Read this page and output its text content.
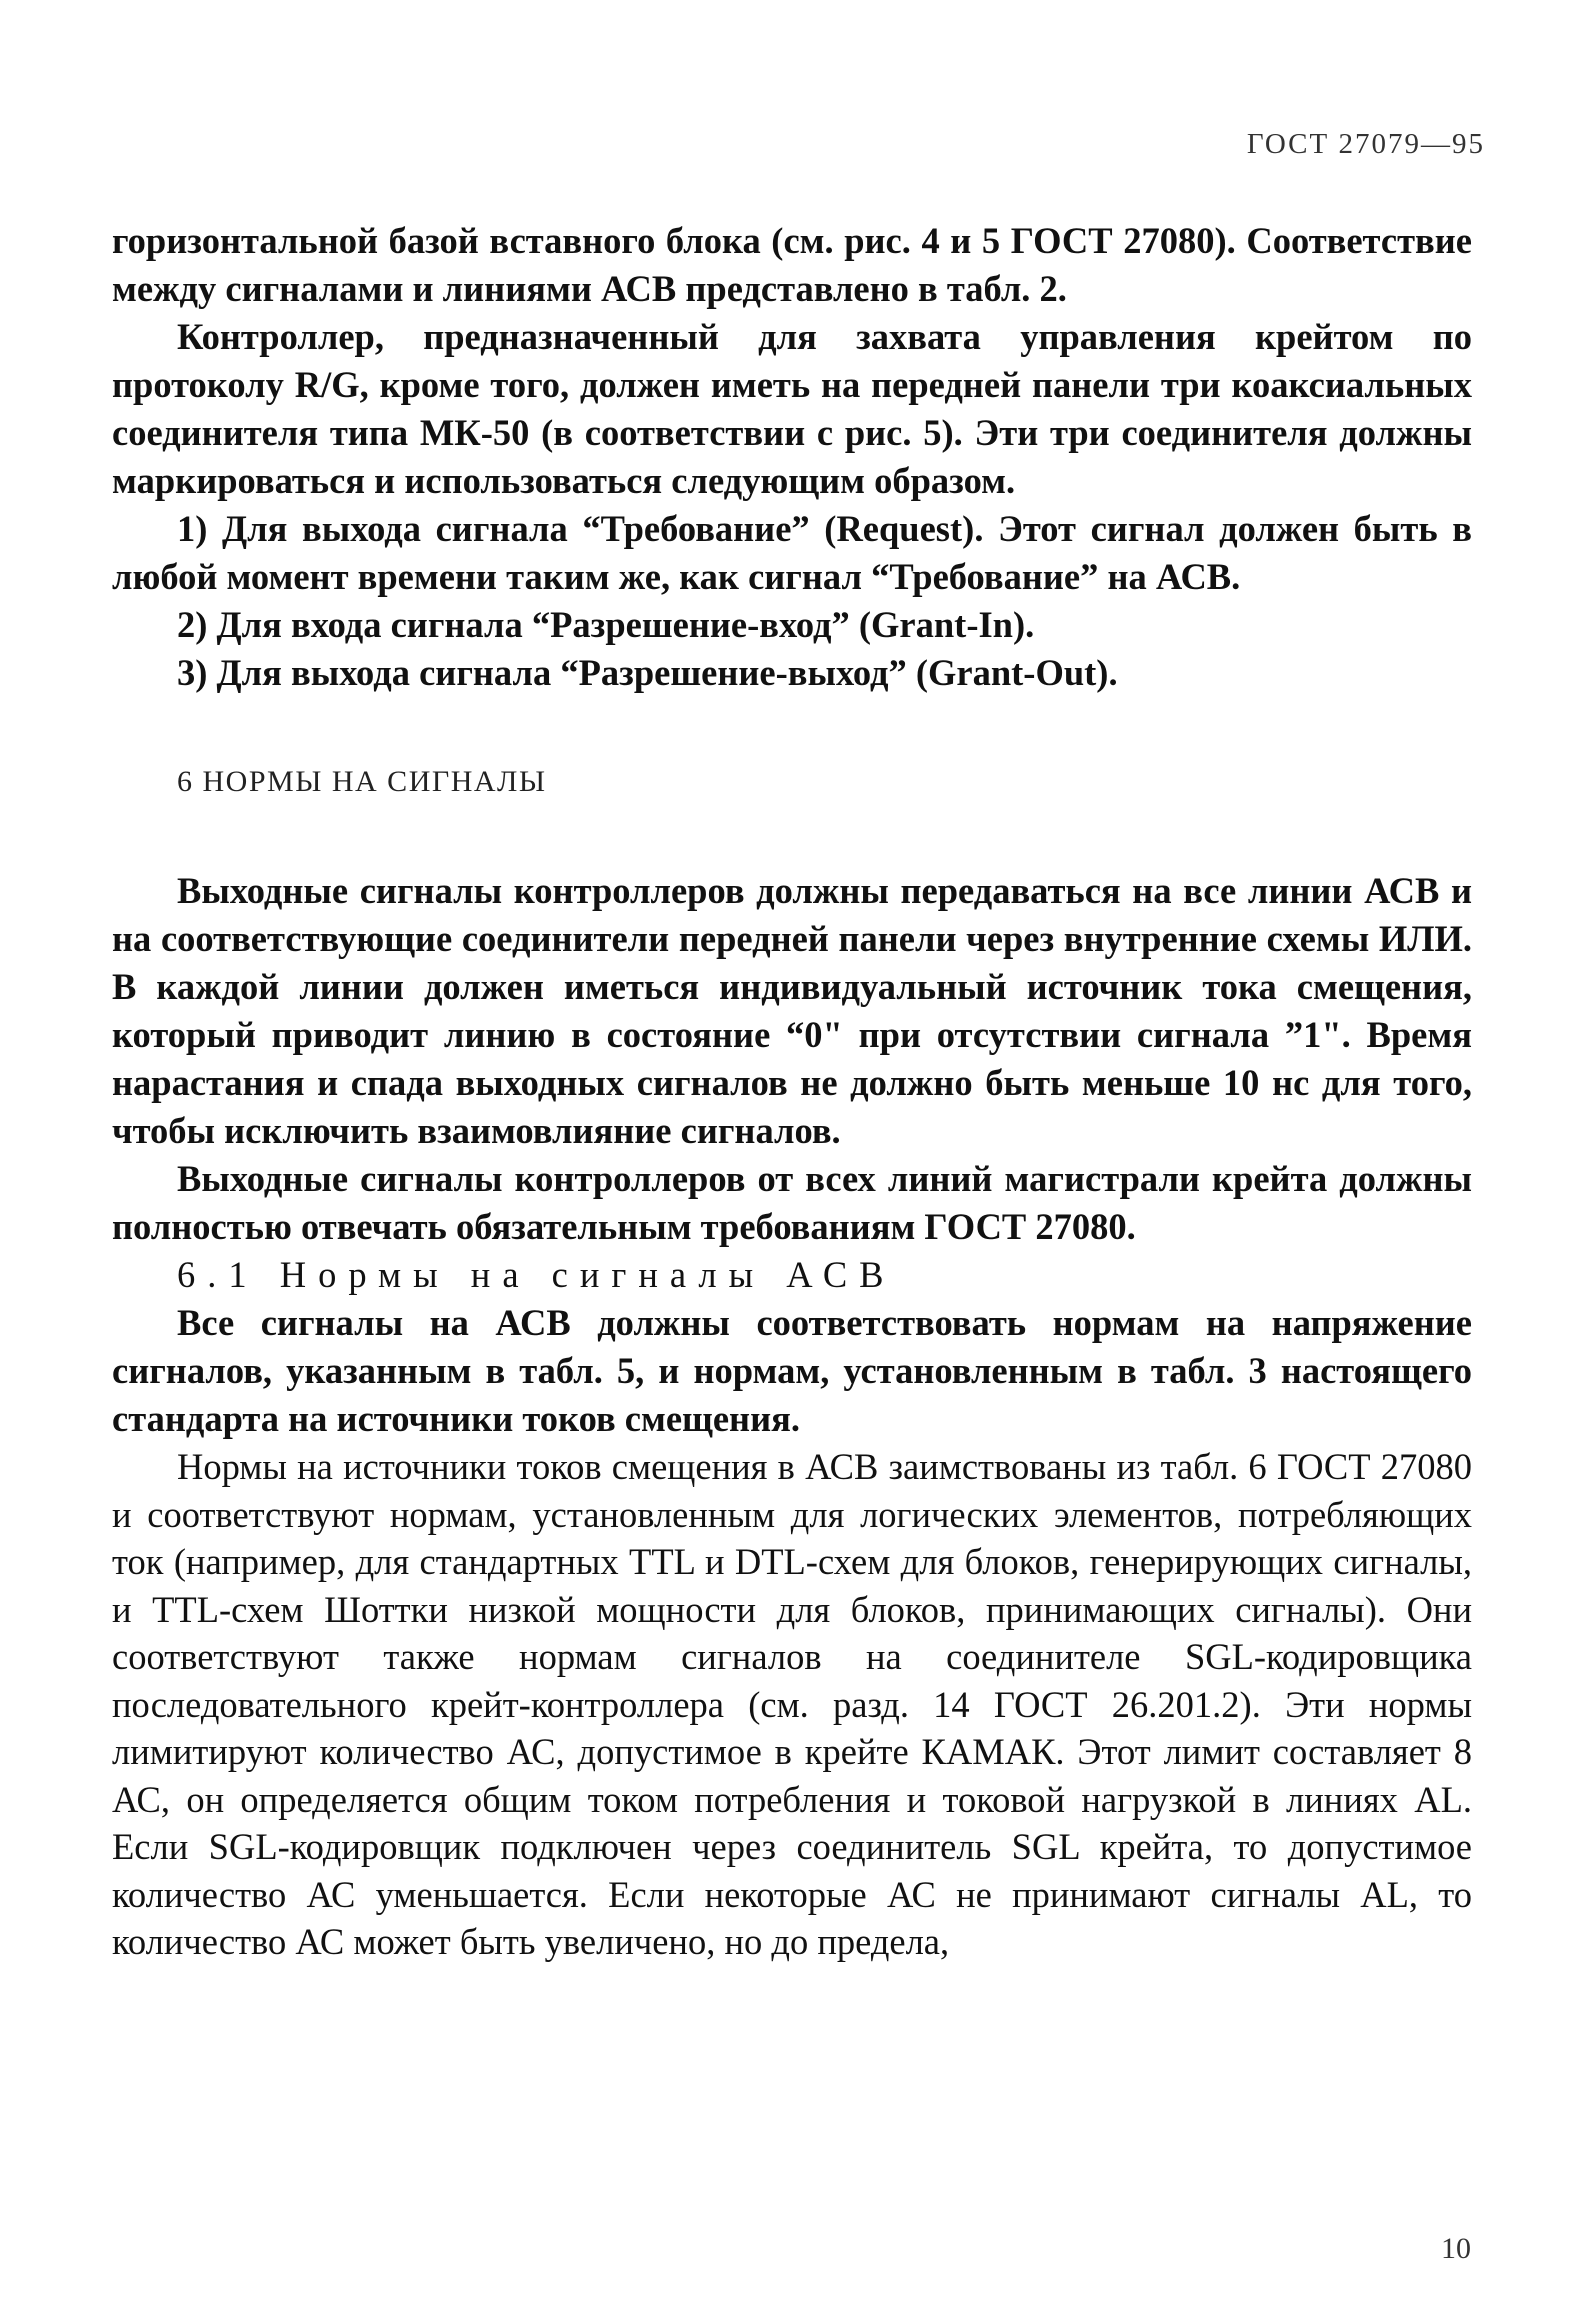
ГОСТ 27079—95

горизонтальной базой вставного блока (см. рис. 4 и 5 ГОСТ 27080). Соответствие между сигналами и линиями АСВ представлено в табл. 2.

Контроллер, предназначенный для захвата управления крейтом по протоколу R/G, кроме того, должен иметь на передней панели три коаксиальных соединителя типа МК-50 (в соответствии с рис. 5). Эти три соединителя должны маркироваться и использоваться следующим образом.

1) Для выхода сигнала “Требование” (Request). Этот сигнал должен быть в любой момент времени таким же, как сигнал “Требование” на АСВ.

2) Для входа сигнала “Разрешение-вход” (Grant-In).

3) Для выхода сигнала “Разрешение-выход” (Grant-Out).

6 НОРМЫ НА СИГНАЛЫ

Выходные сигналы контроллеров должны передаваться на все линии АСВ и на соответствующие соединители передней панели через внутренние схемы ИЛИ. В каждой линии должен иметься индивидуальный источник тока смещения, который приводит линию в состояние “0" при отсутствии сигнала ”1". Время нарастания и спада выходных сигналов не должно быть меньше 10 нс для того, чтобы исключить взаимовлияние сигналов.

Выходные сигналы контроллеров от всех линий магистрали крейта должны полностью отвечать обязательным требованиям ГОСТ 27080.

6.1 Нормы на сигналы АСВ

Все сигналы на АСВ должны соответствовать нормам на напряжение сигналов, указанным в табл. 5, и нормам, установленным в табл. 3 настоящего стандарта на источники токов смещения.

Нормы на источники токов смещения в АСВ заимствованы из табл. 6 ГОСТ 27080 и соответствуют нормам, установленным для логических элементов, потребляющих ток (например, для стандартных TTL и DTL-схем для блоков, генерирующих сигналы, и TTL-схем Шоттки низкой мощности для блоков, принимающих сигналы). Они соответствуют также нормам сигналов на соединителе SGL-кодировщика последовательного крейт-контроллера (см. разд. 14 ГОСТ 26.201.2). Эти нормы лимитируют количество АС, допустимое в крейте КАМАК. Этот лимит составляет 8 АС, он определяется общим током потребления и токовой нагрузкой в линиях AL. Если SGL-кодировщик подключен через соединитель SGL крейта, то допустимое количество АС уменьшается. Если некоторые АС не принимают сигналы AL, то количество АС может быть увеличено, но до предела,

10
